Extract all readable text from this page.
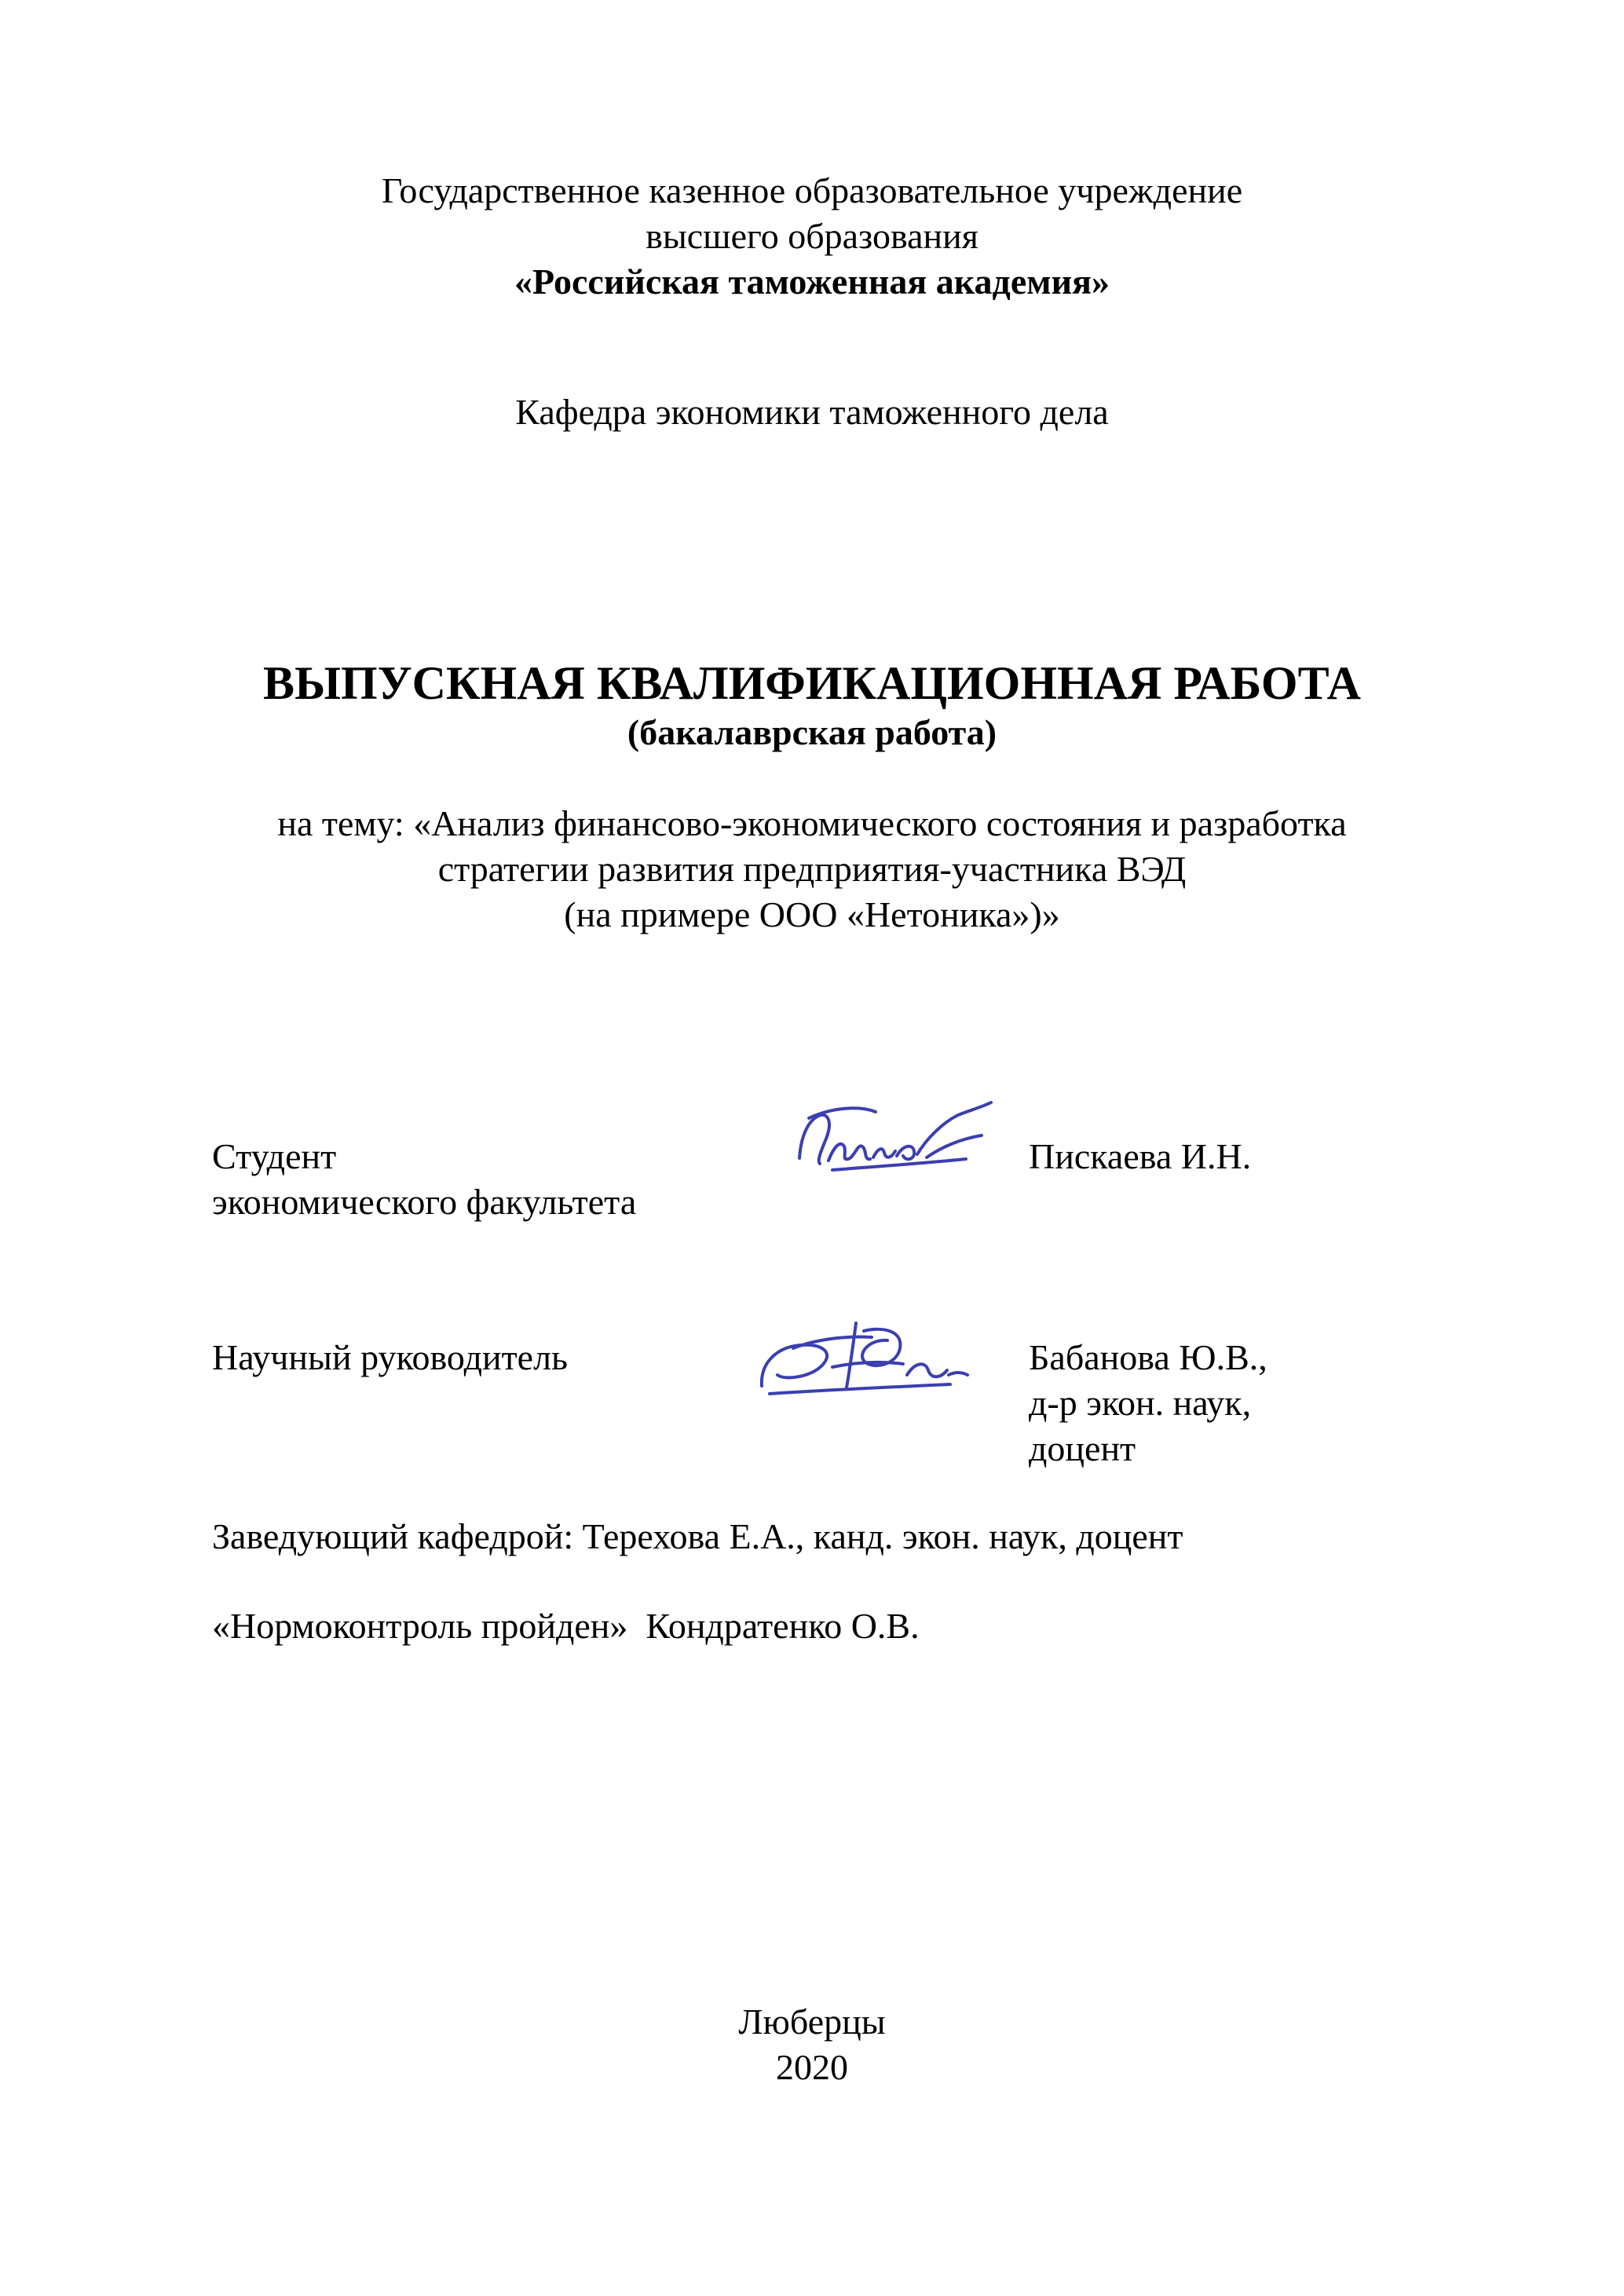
Государственное казенное образовательное учреждение
высшего образования
«Российская таможенная академия»
Кафедра экономики таможенного дела
ВЫПУСКНАЯ КВАЛИФИКАЦИОННАЯ РАБОТА
(бакалаврская работа)
на тему: «Анализ финансово-экономического состояния и разработка
стратегии развития предприятия-участника ВЭД
(на примере ООО «Нетоника»)»
Студент
экономического факультета
Пискаева И.Н.
Научный руководитель	Бабанова Ю.В.,
д-р экон. наук,
доцент
Заведующий кафедрой: Терехова Е.А., канд. экон. наук, доцент
«Нормоконтроль пройден»  Кондратенко О.В.
Люберцы
2020
